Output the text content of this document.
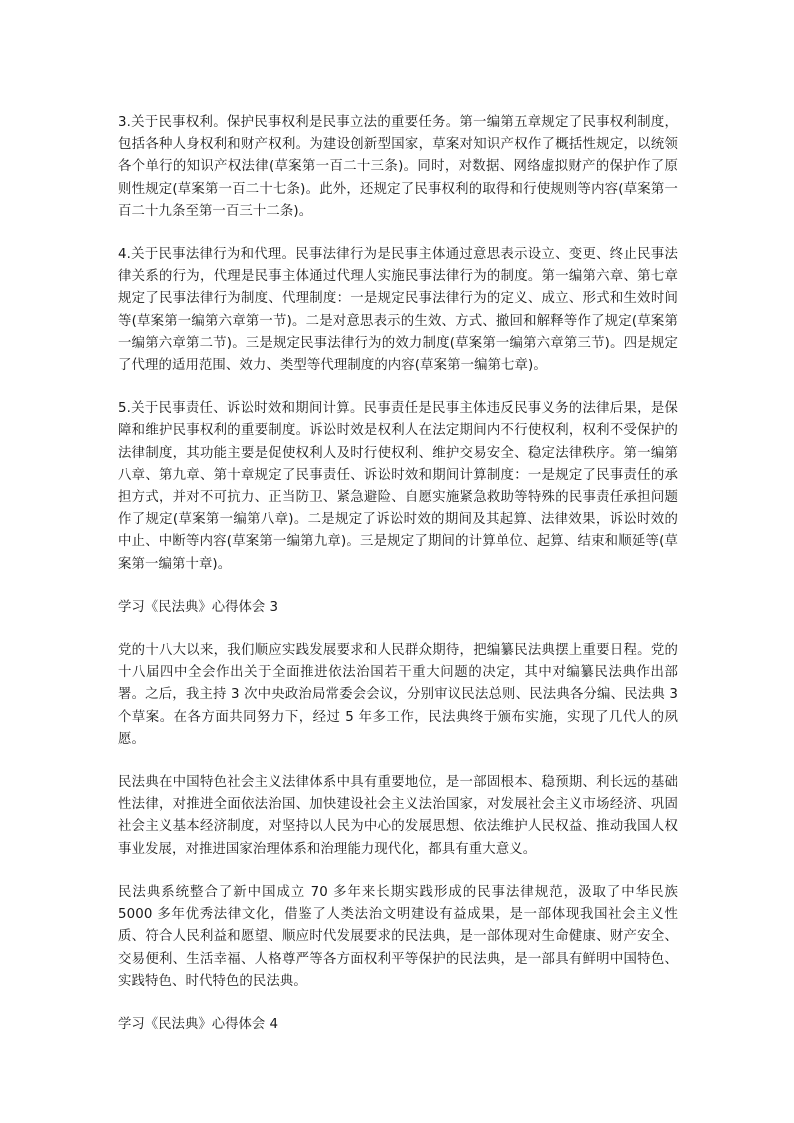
3.关于民事权利。保护民事权利是民事立法的重要任务。第一编第五章规定了民事权利制度，包括各种人身权利和财产权利。为建设创新型国家，草案对知识产权作了概括性规定，以统领各个单行的知识产权法律(草案第一百二十三条)。同时，对数据、网络虚拟财产的保护作了原则性规定(草案第一百二十七条)。此外，还规定了民事权利的取得和行使规则等内容(草案第一百二十九条至第一百三十二条)。

4.关于民事法律行为和代理。民事法律行为是民事主体通过意思表示设立、变更、终止民事法律关系的行为，代理是民事主体通过代理人实施民事法律行为的制度。第一编第六章、第七章规定了民事法律行为制度、代理制度：一是规定民事法律行为的定义、成立、形式和生效时间等(草案第一编第六章第一节)。二是对意思表示的生效、方式、撤回和解释等作了规定(草案第一编第六章第二节)。三是规定民事法律行为的效力制度(草案第一编第六章第三节)。四是规定了代理的适用范围、效力、类型等代理制度的内容(草案第一编第七章)。

5.关于民事责任、诉讼时效和期间计算。民事责任是民事主体违反民事义务的法律后果，是保障和维护民事权利的重要制度。诉讼时效是权利人在法定期间内不行使权利，权利不受保护的法律制度，其功能主要是促使权利人及时行使权利、维护交易安全、稳定法律秩序。第一编第八章、第九章、第十章规定了民事责任、诉讼时效和期间计算制度：一是规定了民事责任的承担方式，并对不可抗力、正当防卫、紧急避险、自愿实施紧急救助等特殊的民事责任承担问题作了规定(草案第一编第八章)。二是规定了诉讼时效的期间及其起算、法律效果，诉讼时效的中止、中断等内容(草案第一编第九章)。三是规定了期间的计算单位、起算、结束和顺延等(草案第一编第十章)。

学习《民法典》心得体会 3

党的十八大以来，我们顺应实践发展要求和人民群众期待，把编纂民法典摆上重要日程。党的十八届四中全会作出关于全面推进依法治国若干重大问题的决定，其中对编纂民法典作出部署。之后，我主持 3 次中央政治局常委会会议，分别审议民法总则、民法典各分编、民法典 3 个草案。在各方面共同努力下，经过 5 年多工作，民法典终于颁布实施，实现了几代人的夙愿。

民法典在中国特色社会主义法律体系中具有重要地位，是一部固根本、稳预期、利长远的基础性法律，对推进全面依法治国、加快建设社会主义法治国家，对发展社会主义市场经济、巩固社会主义基本经济制度，对坚持以人民为中心的发展思想、依法维护人民权益、推动我国人权事业发展，对推进国家治理体系和治理能力现代化，都具有重大意义。

民法典系统整合了新中国成立 70 多年来长期实践形成的民事法律规范，汲取了中华民族 5000 多年优秀法律文化，借鉴了人类法治文明建设有益成果，是一部体现我国社会主义性质、符合人民利益和愿望、顺应时代发展要求的民法典，是一部体现对生命健康、财产安全、交易便利、生活幸福、人格尊严等各方面权利平等保护的民法典，是一部具有鲜明中国特色、实践特色、时代特色的民法典。

学习《民法典》心得体会 4
